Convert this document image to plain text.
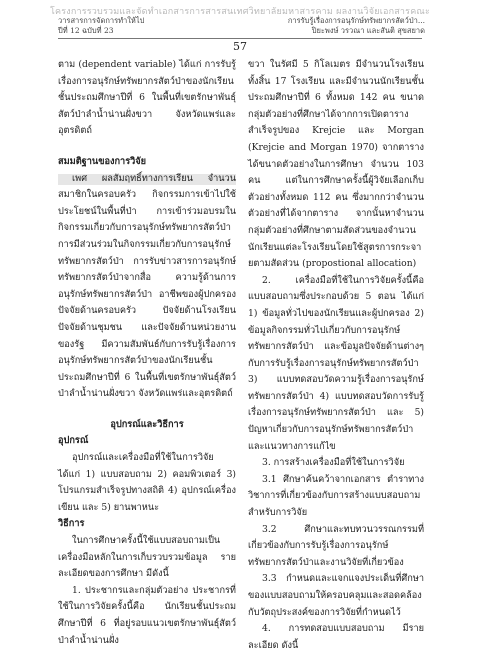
โครงการรวบรวมและจัดทำเอกสารการสารสนเทศวิทยาลัยมหาสารคาม ผลงานวิจัยเอกสารคณะ
วารสารการจัดการทำให้ไป
ปีที่ 12 ฉบับที่ 23
การรับรู้เรื่องการอนุรักษ์ทรัพยากรสัตว์ป่า...
ปิยะพงษ์ วรวณา และสันติ สุขสยาด
57

ตาม (dependent variable) ได้แก่ การรับรู้เรื่องการอนุรักษ์ทรัพยากรสัตว์ป่าของนักเรียนชั้นประถมศึกษาปีที่ 6 ในพื้นที่เขตรักษาพันธุ์สัตว์ป่าลำน้ำน่านฝั่งขวา จังหวัดแพร่และอุตรดิตถ์

สมมติฐานของการวิจัย

เพศ ผลสัมฤทธิ์ทางการเรียน จำนวนสมาชิกในครอบครัว กิจกรรมการเข้าไปใช้ประโยชน์ในพื้นที่ป่า การเข้าร่วมอบรมในกิจกรรมเกี่ยวกับการอนุรักษ์ทรัพยากรสัตว์ป่า การมีส่วนร่วมในกิจกรรมเกี่ยวกับการอนุรักษ์ทรัพยากรสัตว์ป่า การรับข่าวสารการอนุรักษ์ทรัพยากรสัตว์ป่าจากสื่อ ความรู้ด้านการอนุรักษ์ทรัพยากรสัตว์ป่า อาชีพของผู้ปกครอง ปัจจัยด้านครอบครัว ปัจจัยด้านโรงเรียน ปัจจัยด้านชุมชน และปัจจัยด้านหน่วยงานของรัฐ มีความสัมพันธ์กับการรับรู้เรื่องการอนุรักษ์ทรัพยากรสัตว์ป่าของนักเรียนชั้นประถมศึกษาปีที่ 6 ในพื้นที่เขตรักษาพันธุ์สัตว์ป่าลำน้ำน่านฝั่งขวา จังหวัดแพร่และอุตรดิตถ์

อุปกรณ์และวิธีการ

อุปกรณ์

อุปกรณ์และเครื่องมือที่ใช้ในการวิจัย ได้แก่ 1) แบบสอบถาม 2) คอมพิวเตอร์ 3) โปรแกรมสำเร็จรูปทางสถิติ 4) อุปกรณ์เครื่องเขียน และ 5) ยานพาหนะ

วิธีการ

ในการศึกษาครั้งนี้ใช้แบบสอบถามเป็นเครื่องมือหลักในการเก็บรวบรวมข้อมูล รายละเอียดของการศึกษา มีดังนี้

1. ประชากรและกลุ่มตัวอย่าง ประชากรที่ใช้ในการวิจัยครั้งนี้คือ นักเรียนชั้นประถมศึกษาปีที่ 6 ที่อยู่รอบแนวเขตรักษาพันธุ์สัตว์ป่าลำน้ำน่านฝั่ง

ขวา ในรัศมี 5 กิโลเมตร มีจำนวนโรงเรียนทั้งสิ้น 17 โรงเรียน และมีจำนวนนักเรียนชั้นประถมศึกษาปีที่ 6 ทั้งหมด 142 คน ขนาดกลุ่มตัวอย่างที่ศึกษาได้จากการเปิดตารางสำเร็จรูปของ Krejcie และ Morgan (Krejcie and Morgan 1970) จากตารางได้ขนาดตัวอย่างในการศึกษา จำนวน 103 คน แต่ในการศึกษาครั้งนี้ผู้วิจัยเลือกเก็บตัวอย่างทั้งหมด 112 คน ซึ่งมากกว่าจำนวนตัวอย่างที่ได้จากตาราง จากนั้นหาจำนวนกลุ่มตัวอย่างที่ศึกษาตามสัดส่วนของจำนวนนักเรียนแต่ละโรงเรียนโดยใช้สูตรการกระจายตามสัดส่วน (propostional allocation)

2. เครื่องมือที่ใช้ในการวิจัยครั้งนี้คือ แบบสอบถามซึ่งประกอบด้วย 5 ตอน ได้แก่ 1) ข้อมูลทั่วไปของนักเรียนและผู้ปกครอง 2) ข้อมูลกิจกรรมทั่วไปเกี่ยวกับการอนุรักษ์ทรัพยากรสัตว์ป่า และข้อมูลปัจจัยด้านต่างๆ กับการรับรู้เรื่องการอนุรักษ์ทรัพยากรสัตว์ป่า 3) แบบทดสอบวัดความรู้เรื่องการอนุรักษ์ทรัพยากรสัตว์ป่า 4) แบบทดสอบวัดการรับรู้เรื่องการอนุรักษ์ทรัพยากรสัตว์ป่า และ 5) ปัญหาเกี่ยวกับการอนุรักษ์ทรัพยากรสัตว์ป่าและแนวทางการแก้ไข

3. การสร้างเครื่องมือที่ใช้ในการวิจัย

3.1 ศึกษาค้นคว้าจากเอกสาร ตำราทางวิชาการที่เกี่ยวข้องกับการสร้างแบบสอบถามสำหรับการวิจัย

3.2 ศึกษาและทบทวนวรรณกรรมที่เกี่ยวข้องกับการรับรู้เรื่องการอนุรักษ์ทรัพยากรสัตว์ป่าและงานวิจัยที่เกี่ยวข้อง

3.3 กำหนดและแจกแจงประเด็นที่ศึกษาของแบบสอบถามให้ครอบคลุมและสอดคล้องกับวัตถุประสงค์ของการวิจัยที่กำหนดไว้

4. การทดสอบแบบสอบถาม มีรายละเอียด ดังนี้
